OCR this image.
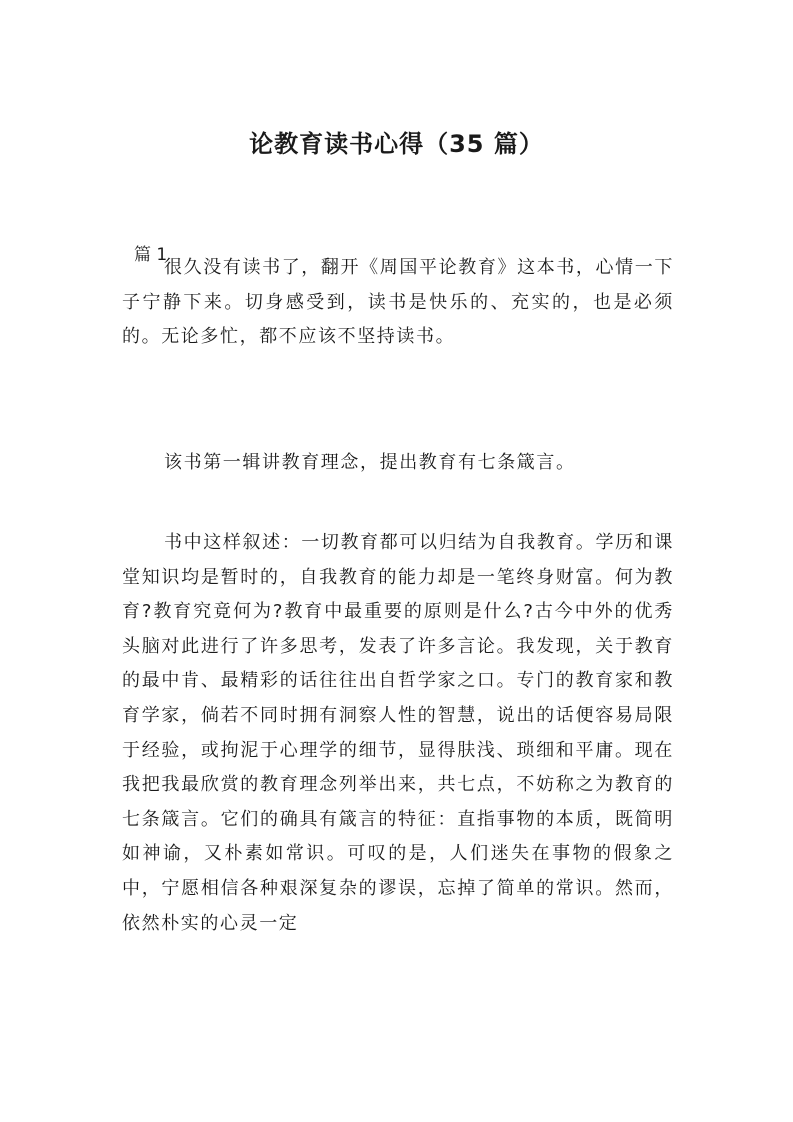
论教育读书心得（35 篇）

篇 1

很久没有读书了，翻开《周国平论教育》这本书，心情一下子宁静下来。切身感受到，读书是快乐的、充实的，也是必须的。无论多忙，都不应该不坚持读书。

该书第一辑讲教育理念，提出教育有七条箴言。

书中这样叙述：一切教育都可以归结为自我教育。学历和课堂知识均是暂时的，自我教育的能力却是一笔终身财富。何为教育?教育究竟何为?教育中最重要的原则是什么?古今中外的优秀头脑对此进行了许多思考，发表了许多言论。我发现，关于教育的最中肯、最精彩的话往往出自哲学家之口。专门的教育家和教育学家，倘若不同时拥有洞察人性的智慧，说出的话便容易局限于经验，或拘泥于心理学的细节，显得肤浅、琐细和平庸。现在我把我最欣赏的教育理念列举出来，共七点，不妨称之为教育的七条箴言。它们的确具有箴言的特征：直指事物的本质，既简明如神谕，又朴素如常识。可叹的是，人们迷失在事物的假象之中，宁愿相信各种艰深复杂的谬误，忘掉了简单的常识。然而，依然朴实的心灵一定
